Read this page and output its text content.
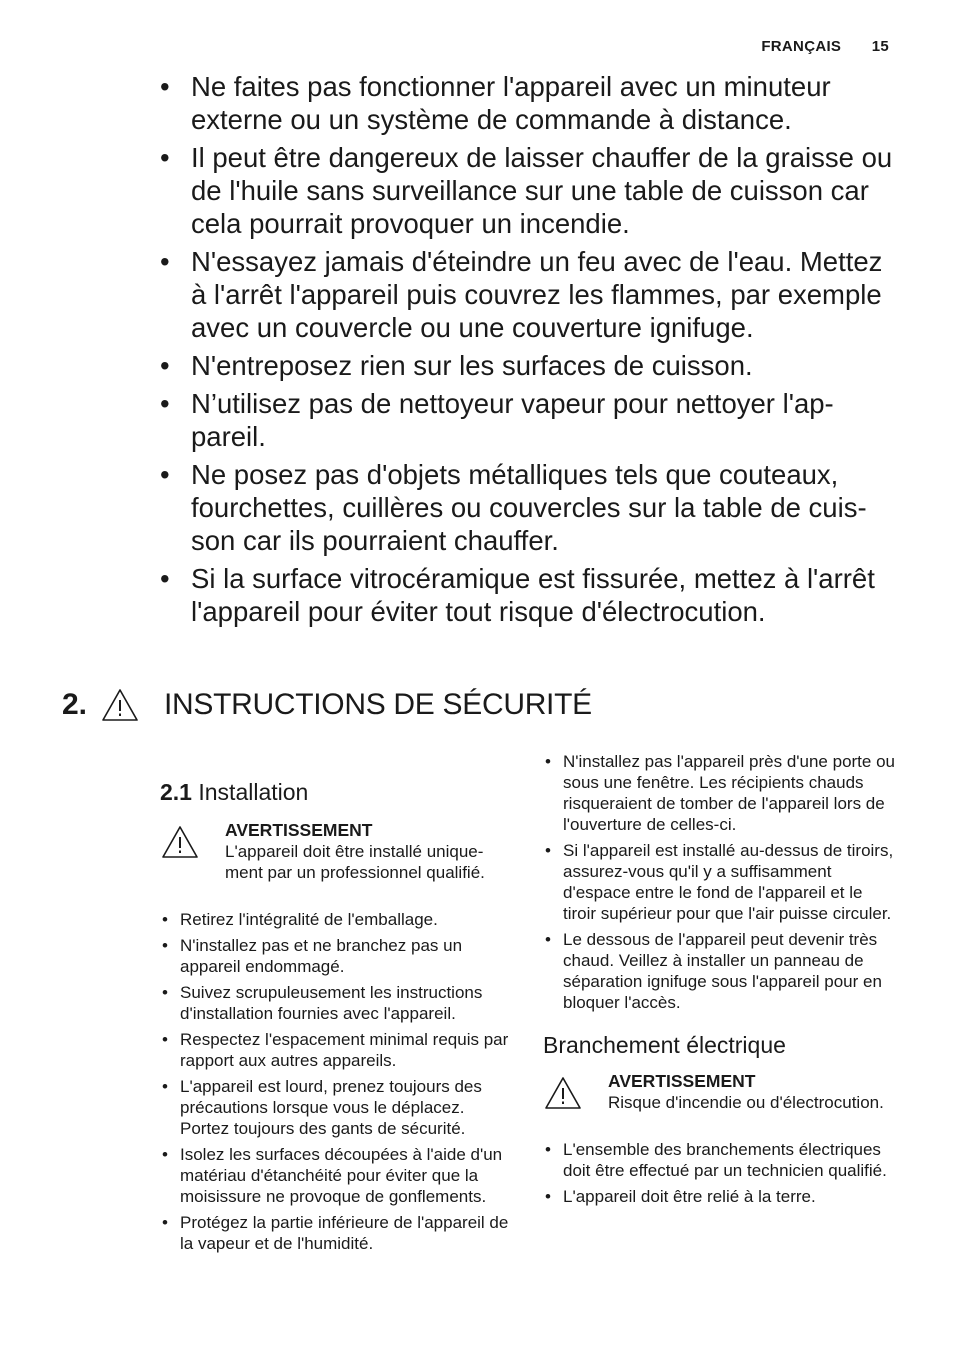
FRANÇAIS 15
• Ne faites pas fonctionner l'appareil avec un minuteur externe ou un système de commande à distance.
• Il peut être dangereux de laisser chauffer de la graisse ou de l'huile sans surveillance sur une table de cuisson car cela pourrait provoquer un incendie.
• N'essayez jamais d'éteindre un feu avec de l'eau. Mettez à l'arrêt l'appareil puis couvrez les flammes, par exemple avec un couvercle ou une couverture ignifuge.
• N'entreposez rien sur les surfaces de cuisson.
• N’utilisez pas de nettoyeur vapeur pour nettoyer l'appareil.
• Ne posez pas d'objets métalliques tels que couteaux, fourchettes, cuillères ou couvercles sur la table de cuisson car ils pourraient chauffer.
• Si la surface vitrocéramique est fissurée, mettez à l'arrêt l'appareil pour éviter tout risque d'électrocution.
2.	INSTRUCTIONS DE SÉCURITÉ
2.1 Installation
AVERTISSEMENT
L'appareil doit être installé uniquement par un professionnel qualifié.
• Retirez l'intégralité de l'emballage.
• N'installez pas et ne branchez pas un appareil endommagé.
• Suivez scrupuleusement les instructions d'installation fournies avec l'appareil.
• Respectez l'espacement minimal requis par rapport aux autres appareils.
• L'appareil est lourd, prenez toujours des précautions lorsque vous le déplacez. Portez toujours des gants de sécurité.
• Isolez les surfaces découpées à l'aide d'un matériau d'étanchéité pour éviter que la moisissure ne provoque de gonflements.
• Protégez la partie inférieure de l'appareil de la vapeur et de l'humidité.
• N'installez pas l'appareil près d'une porte ou sous une fenêtre. Les récipients chauds risqueraient de tomber de l'appareil lors de l'ouverture de celles-ci.
• Si l'appareil est installé au-dessus de tiroirs, assurez-vous qu'il y a suffisamment d'espace entre le fond de l'appareil et le tiroir supérieur pour que l'air puisse circuler.
• Le dessous de l'appareil peut devenir très chaud. Veillez à installer un panneau de séparation ignifuge sous l'appareil pour en bloquer l'accès.
Branchement électrique
AVERTISSEMENT
Risque d'incendie ou d'électrocution.
• L'ensemble des branchements électriques doit être effectué par un technicien qualifié.
• L'appareil doit être relié à la terre.
